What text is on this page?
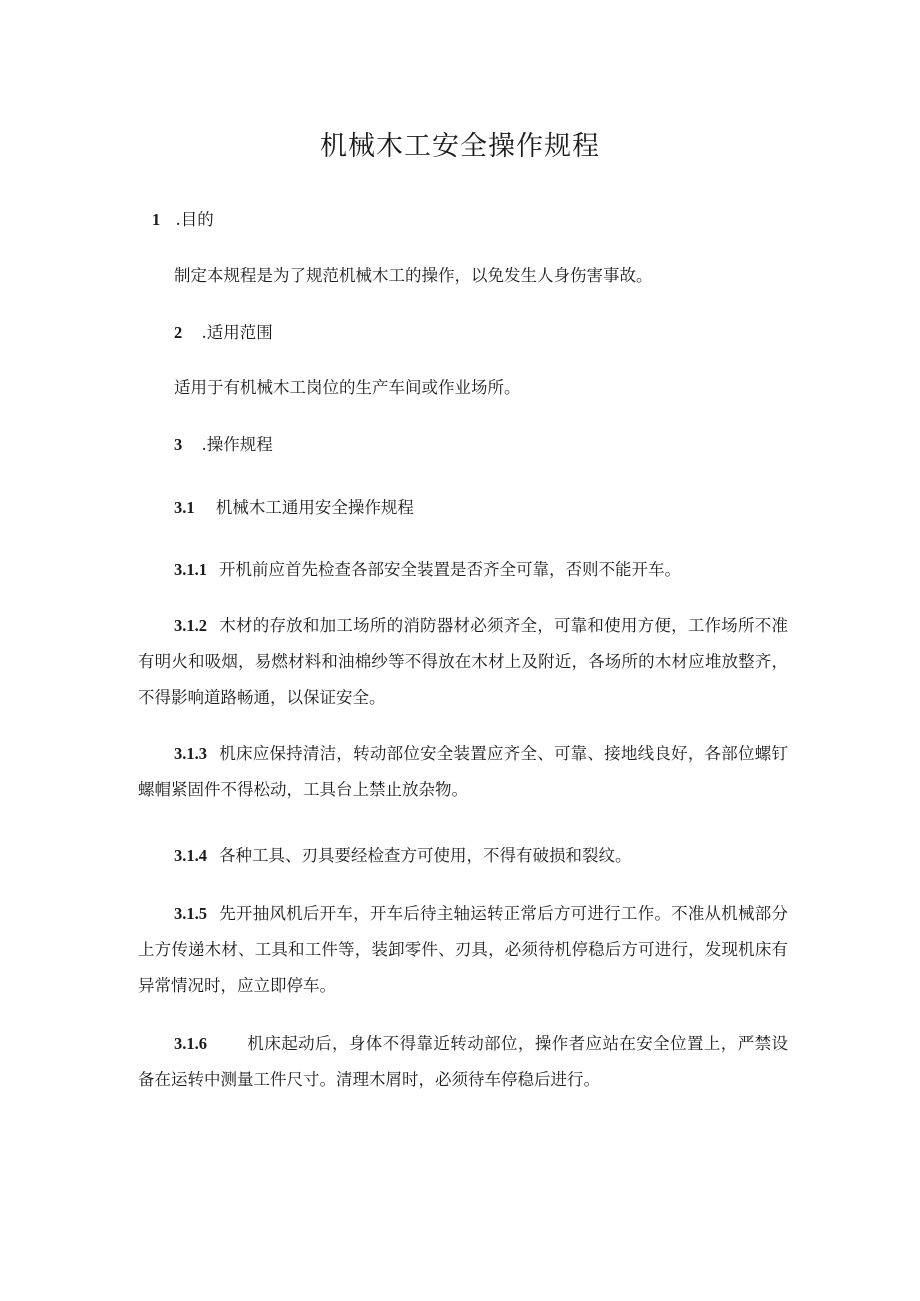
机械木工安全操作规程

1 .目的

制定本规程是为了规范机械木工的操作，以免发生人身伤害事故。

2 .适用范围

适用于有机械木工岗位的生产车间或作业场所。

3 .操作规程

3.1 机械木工通用安全操作规程

3.1.1 开机前应首先检查各部安全装置是否齐全可靠，否则不能开车。

3.1.2 木材的存放和加工场所的消防器材必须齐全，可靠和使用方便，工作场所不准有明火和吸烟，易燃材料和油棉纱等不得放在木材上及附近，各场所的木材应堆放整齐，不得影响道路畅通，以保证安全。

3.1.3 机床应保持清洁，转动部位安全装置应齐全、可靠、接地线良好，各部位螺钉螺帽紧固件不得松动，工具台上禁止放杂物。

3.1.4 各种工具、刃具要经检查方可使用，不得有破损和裂纹。

3.1.5 先开抽风机后开车，开车后待主轴运转正常后方可进行工作。不准从机械部分上方传递木材、工具和工件等，装卸零件、刃具，必须待机停稳后方可进行，发现机床有异常情况时，应立即停车。

3.1.6 机床起动后，身体不得靠近转动部位，操作者应站在安全位置上，严禁设备在运转中测量工件尺寸。清理木屑时，必须待车停稳后进行。
